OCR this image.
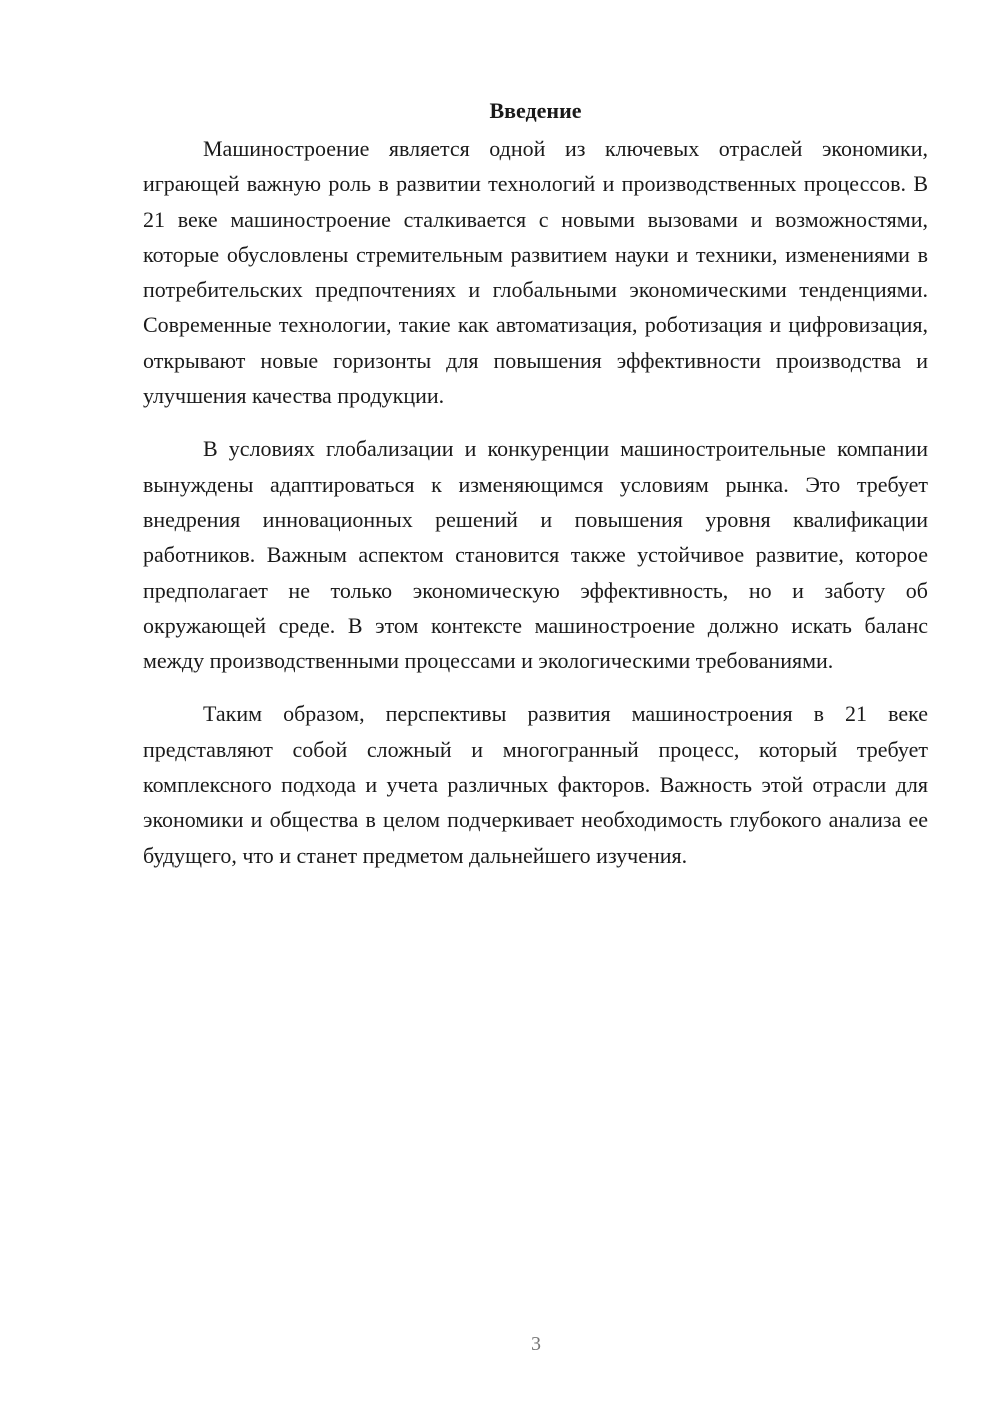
Введение

Машиностроение является одной из ключевых отраслей экономики, играющей важную роль в развитии технологий и производственных процессов. В 21 веке машиностроение сталкивается с новыми вызовами и возможностями, которые обусловлены стремительным развитием науки и техники, изменениями в потребительских предпочтениях и глобальными экономическими тенденциями. Современные технологии, такие как автоматизация, роботизация и цифровизация, открывают новые горизонты для повышения эффективности производства и улучшения качества продукции.

В условиях глобализации и конкуренции машиностроительные компании вынуждены адаптироваться к изменяющимся условиям рынка. Это требует внедрения инновационных решений и повышения уровня квалификации работников. Важным аспектом становится также устойчивое развитие, которое предполагает не только экономическую эффективность, но и заботу об окружающей среде. В этом контексте машиностроение должно искать баланс между производственными процессами и экологическими требованиями.

Таким образом, перспективы развития машиностроения в 21 веке представляют собой сложный и многогранный процесс, который требует комплексного подхода и учета различных факторов. Важность этой отрасли для экономики и общества в целом подчеркивает необходимость глубокого анализа ее будущего, что и станет предметом дальнейшего изучения.

3
